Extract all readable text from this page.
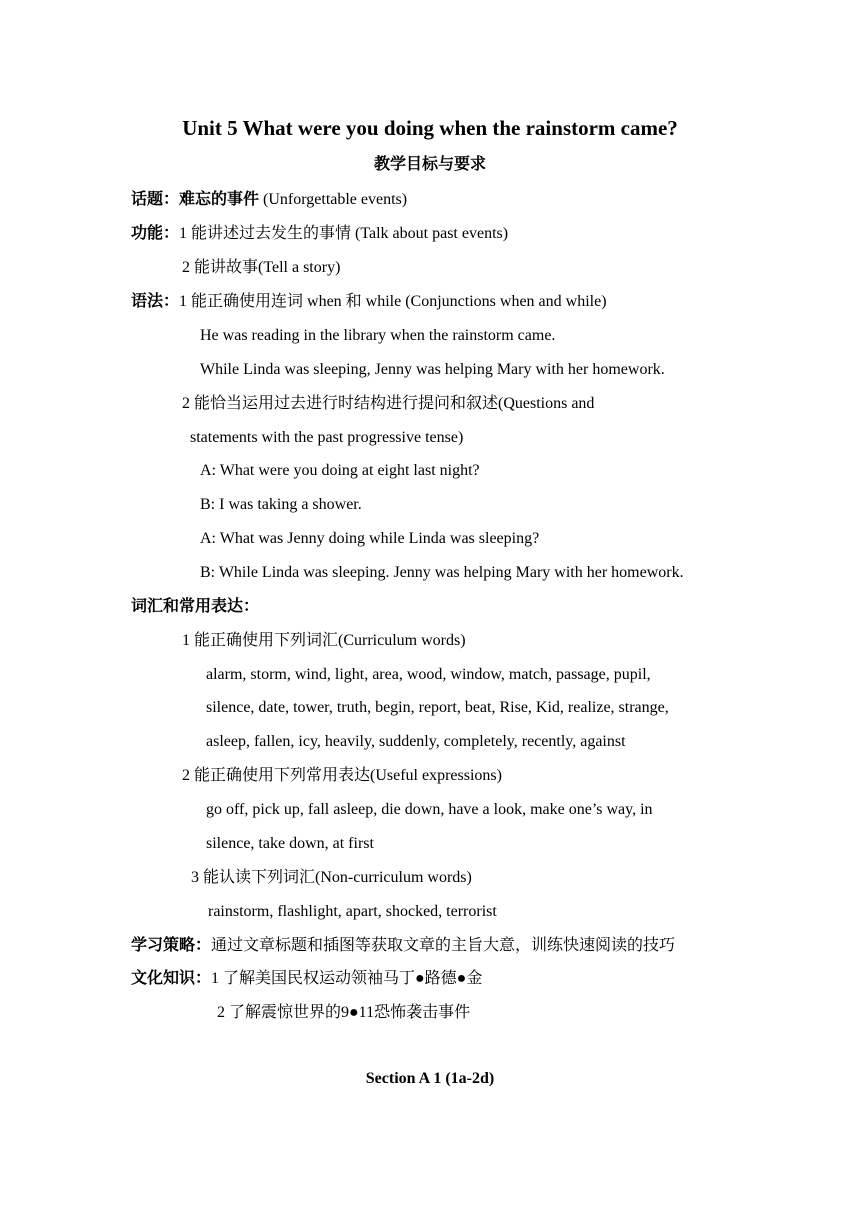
Unit 5 What were you doing when the rainstorm came?
教学目标与要求
话题：难忘的事件 (Unforgettable events)
功能：1 能讲述过去发生的事情 (Talk about past events)
2 能讲故事(Tell a story)
语法：1 能正确使用连词 when 和 while (Conjunctions when and while)
He was reading in the library when the rainstorm came.
While Linda was sleeping, Jenny was helping Mary with her homework.
2 能恰当运用过去进行时结构进行提问和叙述(Questions and
statements with the past progressive tense)
A: What were you doing at eight last night?
B: I was taking a shower.
A: What was Jenny doing while Linda was sleeping?
B: While Linda was sleeping. Jenny was helping Mary with her homework.
词汇和常用表达：
1 能正确使用下列词汇(Curriculum words)
alarm, storm, wind, light, area, wood, window, match, passage, pupil,
silence, date, tower, truth, begin, report, beat, Rise, Kid, realize, strange,
asleep, fallen, icy, heavily, suddenly, completely, recently, against
2 能正确使用下列常用表达(Useful expressions)
go off, pick up, fall asleep, die down, have a look, make one’s way, in
silence, take down, at first
3 能认读下列词汇(Non-curriculum words)
rainstorm, flashlight, apart, shocked, terrorist
学习策略：通过文章标题和插图等获取文章的主旨大意，训练快速阅读的技巧
文化知识：1 了解美国民权运动领袖马丁●路德●金
2 了解震惊世界的9●11恐怖袭击事件
Section A 1 (1a-2d)
